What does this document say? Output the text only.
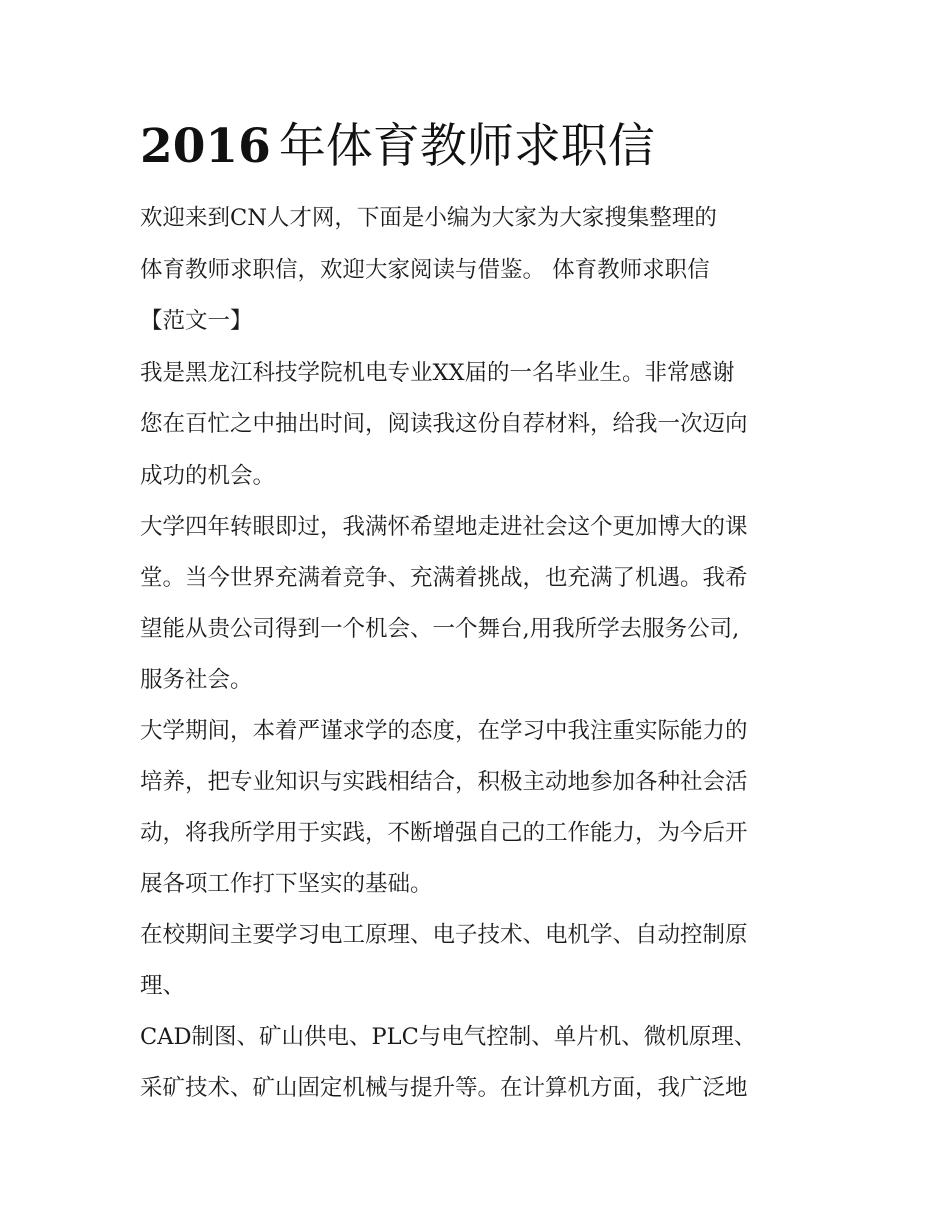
2016 年体育教师求职信

欢迎来到CN人才网，下面是小编为大家为大家搜集整理的

体育教师求职信，欢迎大家阅读与借鉴。 体育教师求职信

【范文一】

我是黑龙江科技学院机电专业XX届的一名毕业生。非常感谢

您在百忙之中抽出时间，阅读我这份自荐材料，给我一次迈向

成功的机会。

大学四年转眼即过，我满怀希望地走进社会这个更加博大的课

堂。当今世界充满着竞争、充满着挑战，也充满了机遇。我希

望能从贵公司得到一个机会、一个舞台,用我所学去服务公司,

服务社会。

大学期间，本着严谨求学的态度，在学习中我注重实际能力的

培养，把专业知识与实践相结合，积极主动地参加各种社会活

动，将我所学用于实践，不断增强自己的工作能力，为今后开

展各项工作打下坚实的基础。

在校期间主要学习电工原理、电子技术、电机学、自动控制原

理、

CAD制图、矿山供电、PLC与电气控制、单片机、微机原理、

采矿技术、矿山固定机械与提升等。在计算机方面，我广泛地
